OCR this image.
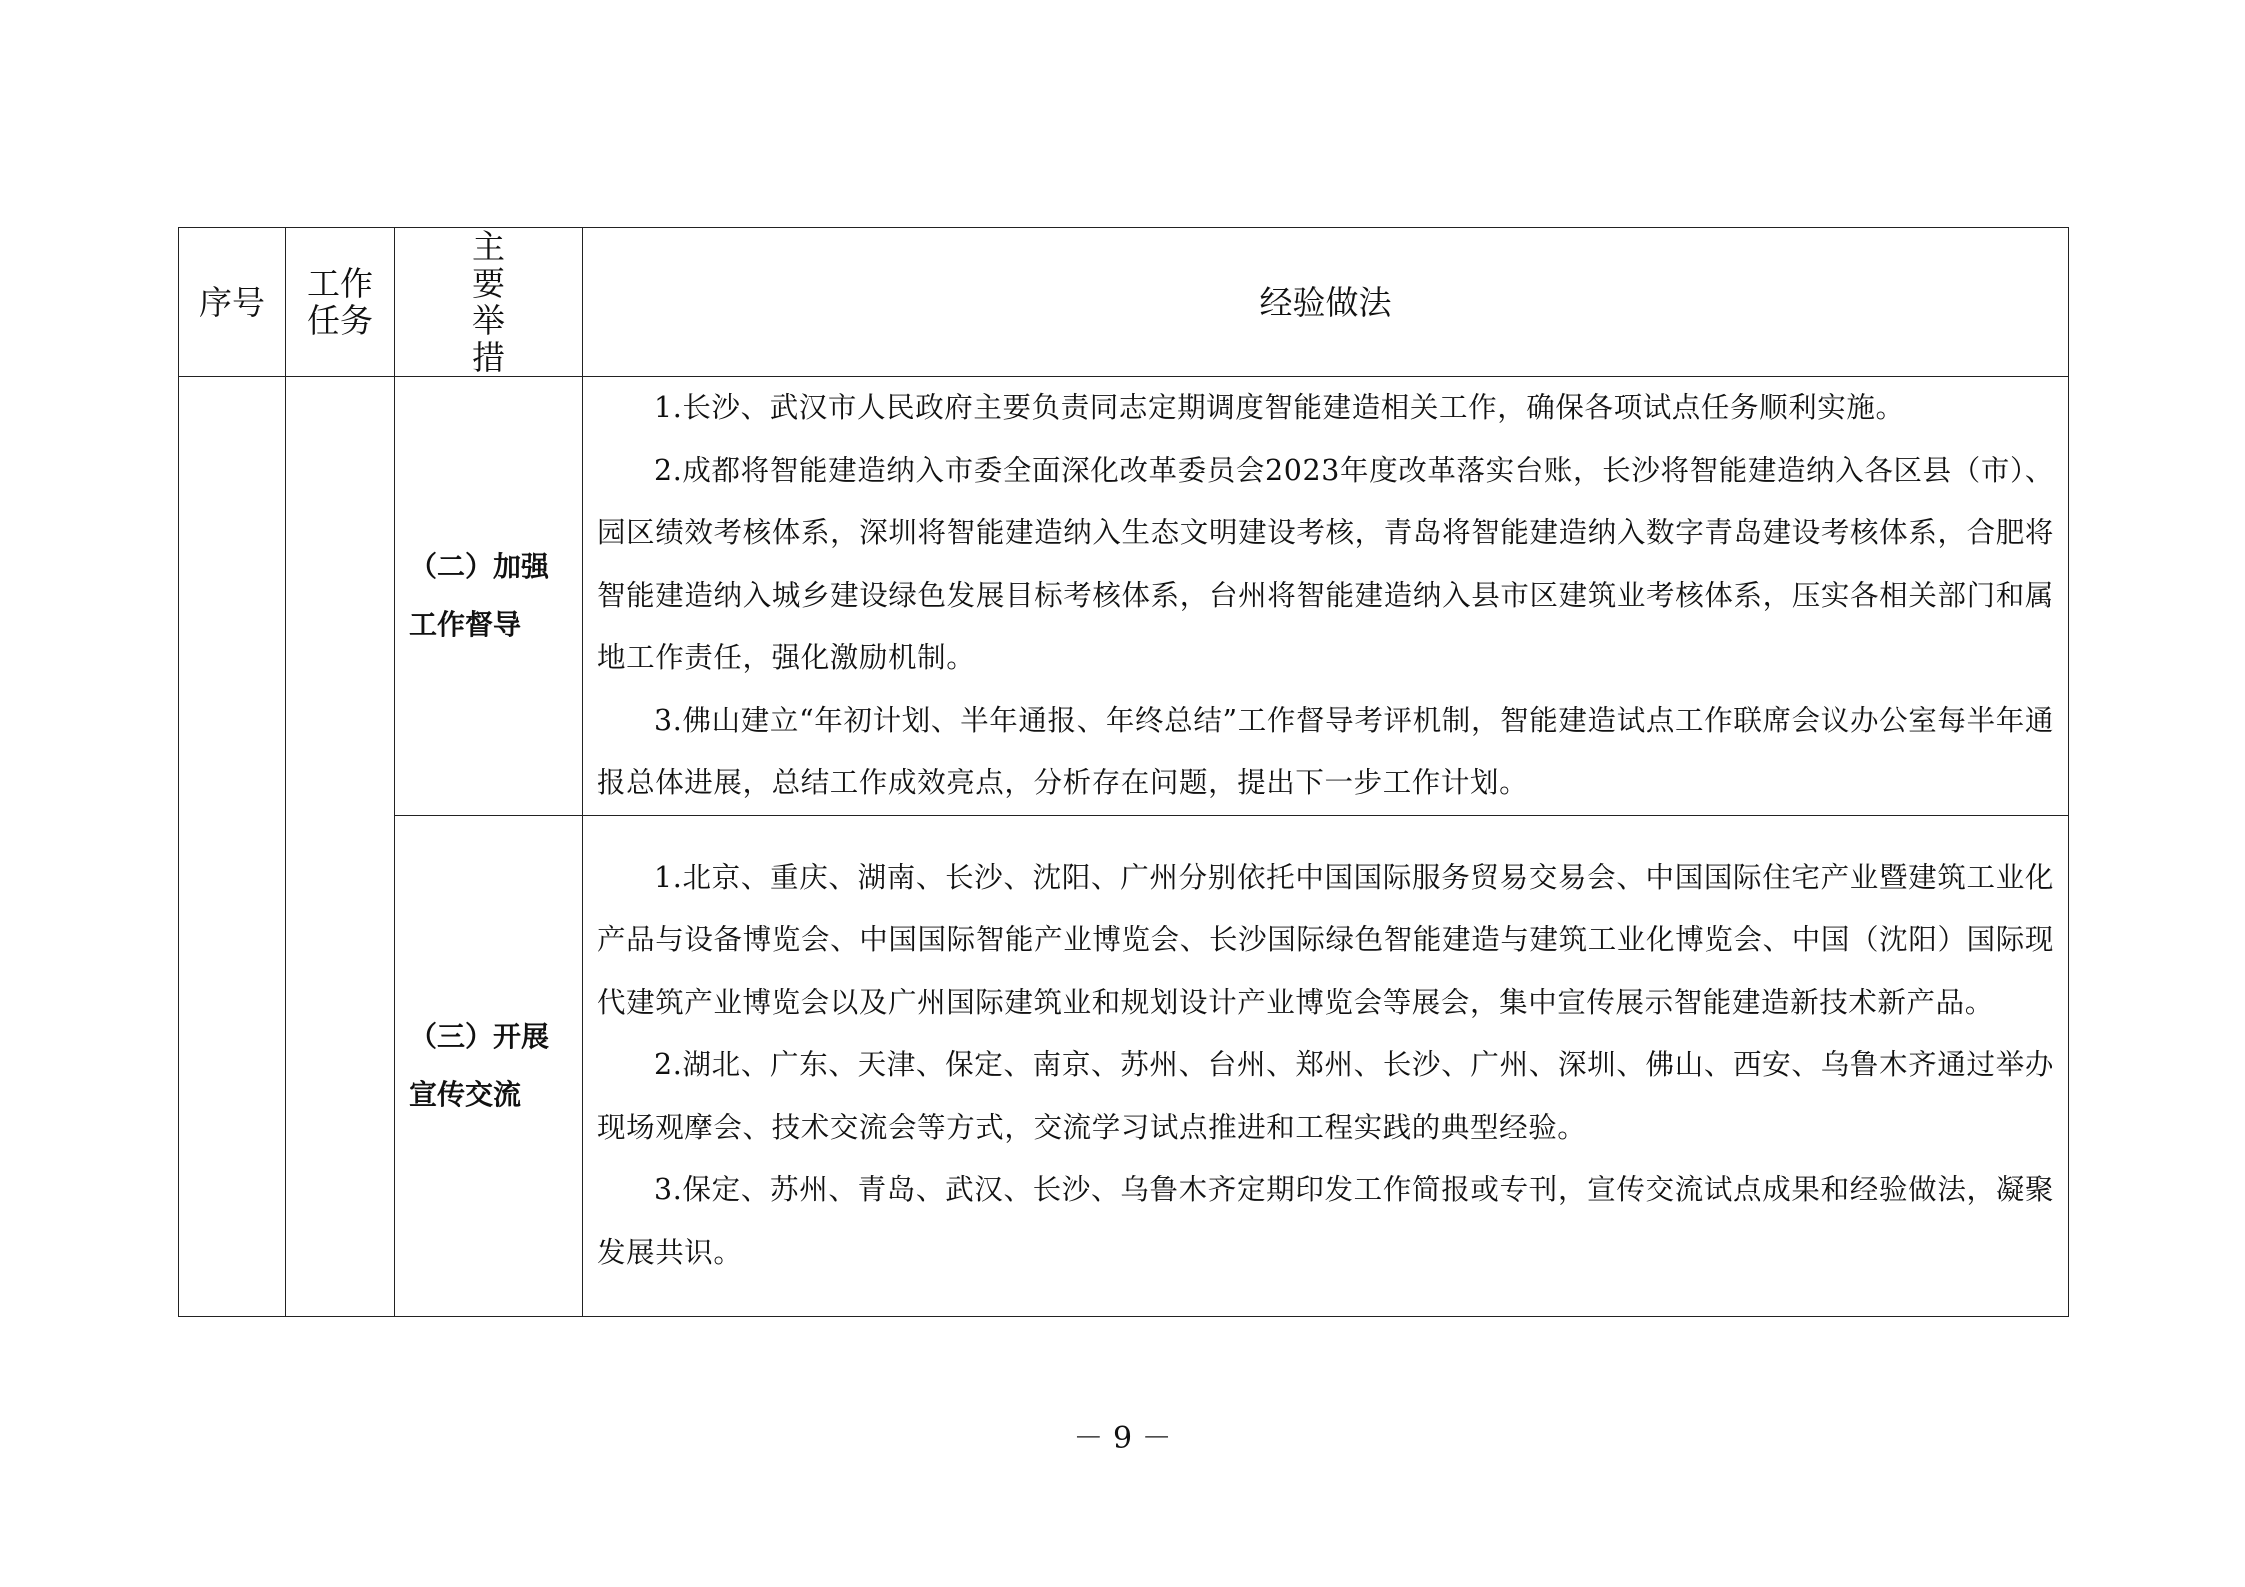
序号	工作任务	主要举措	经验做法
		（二）加强工作督导	1.长沙、武汉市人民政府主要负责同志定期调度智能建造相关工作，确保各项试点任务顺利实施。

2.成都将智能建造纳入市委全面深化改革委员会2023年度改革落实台账，长沙将智能建造纳入各区县（市）、园区绩效考核体系，深圳将智能建造纳入生态文明建设考核，青岛将智能建造纳入数字青岛建设考核体系，合肥将智能建造纳入城乡建设绿色发展目标考核体系，台州将智能建造纳入县市区建筑业考核体系，压实各相关部门和属地工作责任，强化激励机制。

3.佛山建立“年初计划、半年通报、年终总结”工作督导考评机制，智能建造试点工作联席会议办公室每半年通报总体进展，总结工作成效亮点，分析存在问题，提出下一步工作计划。

		（三）开展宣传交流	1.北京、重庆、湖南、长沙、沈阳、广州分别依托中国国际服务贸易交易会、中国国际住宅产业暨建筑工业化产品与设备博览会、中国国际智能产业博览会、长沙国际绿色智能建造与建筑工业化博览会、中国（沈阳）国际现代建筑产业博览会以及广州国际建筑业和规划设计产业博览会等展会，集中宣传展示智能建造新技术新产品。

2.湖北、广东、天津、保定、南京、苏州、台州、郑州、长沙、广州、深圳、佛山、西安、乌鲁木齐通过举办现场观摩会、技术交流会等方式，交流学习试点推进和工程实践的典型经验。

3.保定、苏州、青岛、武汉、长沙、乌鲁木齐定期印发工作简报或专刊，宣传交流试点成果和经验做法，凝聚发展共识。

－ 9 －
